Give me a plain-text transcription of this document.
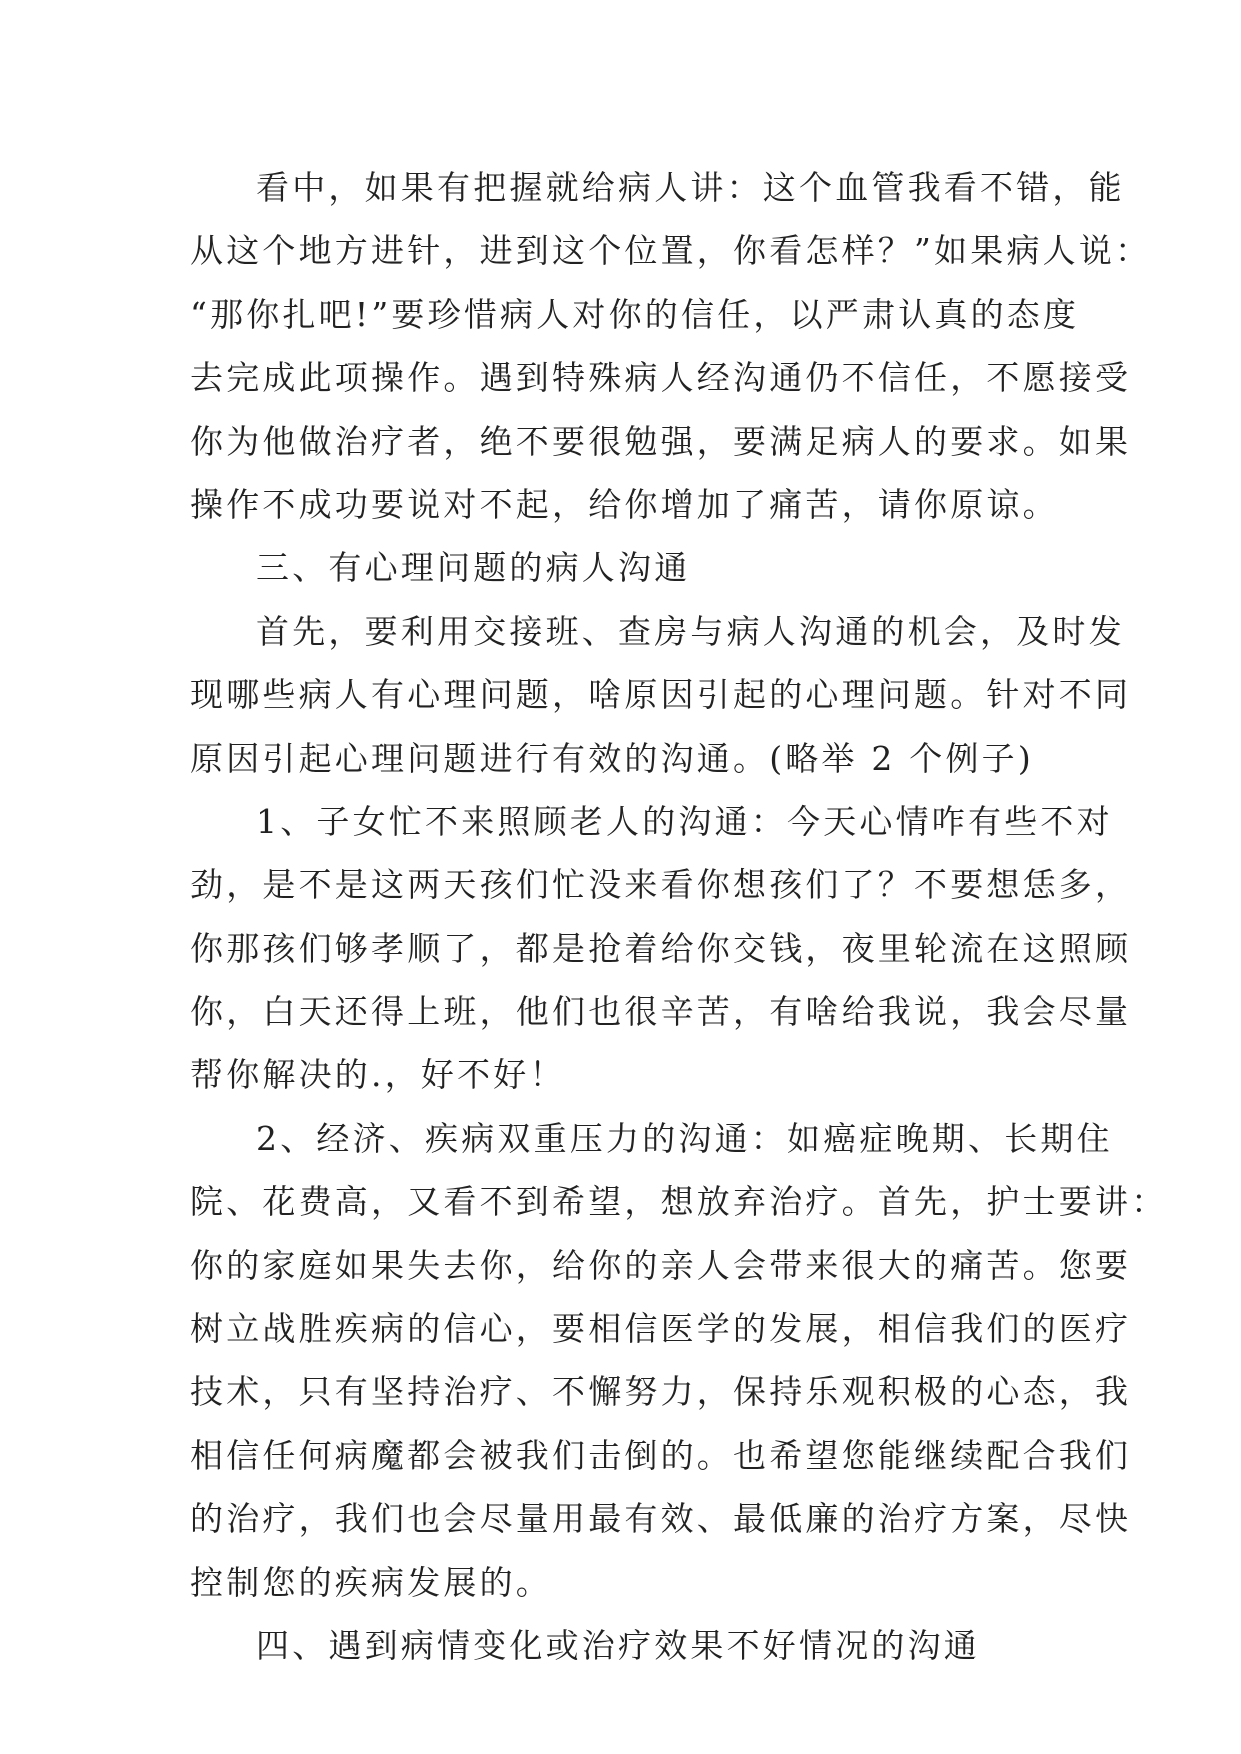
看中，如果有把握就给病人讲：这个血管我看不错，能
从这个地方进针，进到这个位置，你看怎样？”如果病人说：
“那你扎吧!”要珍惜病人对你的信任，以严肃认真的态度
去完成此项操作。遇到特殊病人经沟通仍不信任，不愿接受
你为他做治疗者，绝不要很勉强，要满足病人的要求。如果
操作不成功要说对不起，给你增加了痛苦，请你原谅。
三、有心理问题的病人沟通
首先，要利用交接班、查房与病人沟通的机会，及时发
现哪些病人有心理问题，啥原因引起的心理问题。针对不同
原因引起心理问题进行有效的沟通。(略举 2 个例子)
1、子女忙不来照顾老人的沟通：今天心情咋有些不对
劲，是不是这两天孩们忙没来看你想孩们了？不要想恁多，
你那孩们够孝顺了，都是抢着给你交钱，夜里轮流在这照顾
你，白天还得上班，他们也很辛苦，有啥给我说，我会尽量
帮你解决的.，好不好！
2、经济、疾病双重压力的沟通：如癌症晚期、长期住
院、花费高，又看不到希望，想放弃治疗。首先，护士要讲：
你的家庭如果失去你，给你的亲人会带来很大的痛苦。您要
树立战胜疾病的信心，要相信医学的发展，相信我们的医疗
技术，只有坚持治疗、不懈努力，保持乐观积极的心态，我
相信任何病魔都会被我们击倒的。也希望您能继续配合我们
的治疗，我们也会尽量用最有效、最低廉的治疗方案，尽快
控制您的疾病发展的。
四、遇到病情变化或治疗效果不好情况的沟通
